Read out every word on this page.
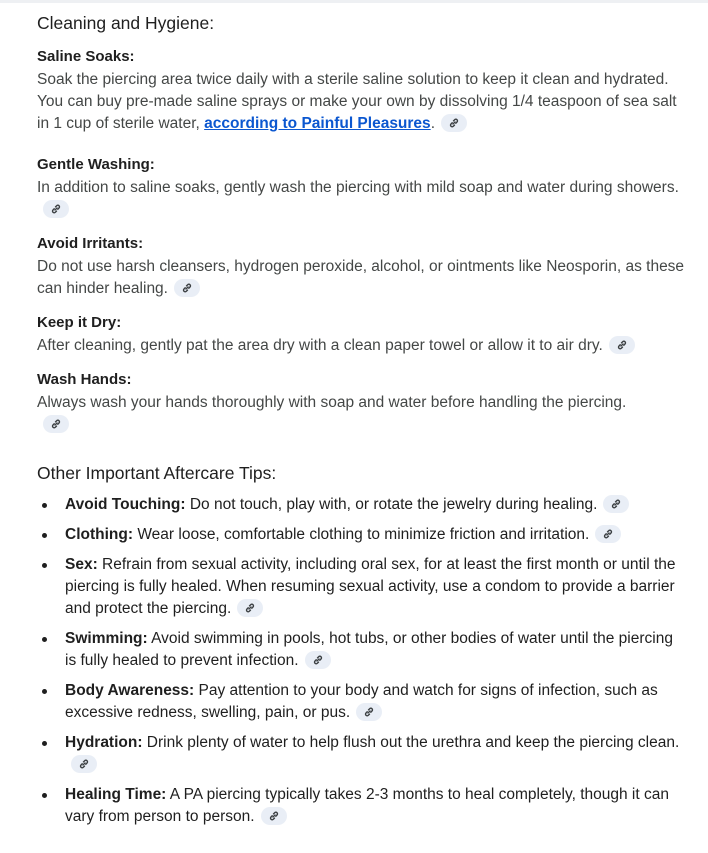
Cleaning and Hygiene:

Saline Soaks:

Soak the piercing area twice daily with a sterile saline solution to keep it clean and hydrated. You can buy pre-made saline sprays or make your own by dissolving 1/4 teaspoon of sea salt in 1 cup of sterile water, according to Painful Pleasures.

Gentle Washing:

In addition to saline soaks, gently wash the piercing with mild soap and water during showers.

Avoid Irritants:

Do not use harsh cleansers, hydrogen peroxide, alcohol, or ointments like Neosporin, as these can hinder healing.

Keep it Dry:

After cleaning, gently pat the area dry with a clean paper towel or allow it to air dry.

Wash Hands:

Always wash your hands thoroughly with soap and water before handling the piercing.

Other Important Aftercare Tips:
Avoid Touching: Do not touch, play with, or rotate the jewelry during healing.
Clothing: Wear loose, comfortable clothing to minimize friction and irritation.
Sex: Refrain from sexual activity, including oral sex, for at least the first month or until the piercing is fully healed. When resuming sexual activity, use a condom to provide a barrier and protect the piercing.
Swimming: Avoid swimming in pools, hot tubs, or other bodies of water until the piercing is fully healed to prevent infection.
Body Awareness: Pay attention to your body and watch for signs of infection, such as excessive redness, swelling, pain, or pus.
Hydration: Drink plenty of water to help flush out the urethra and keep the piercing clean.
Healing Time: A PA piercing typically takes 2-3 months to heal completely, though it can vary from person to person.
